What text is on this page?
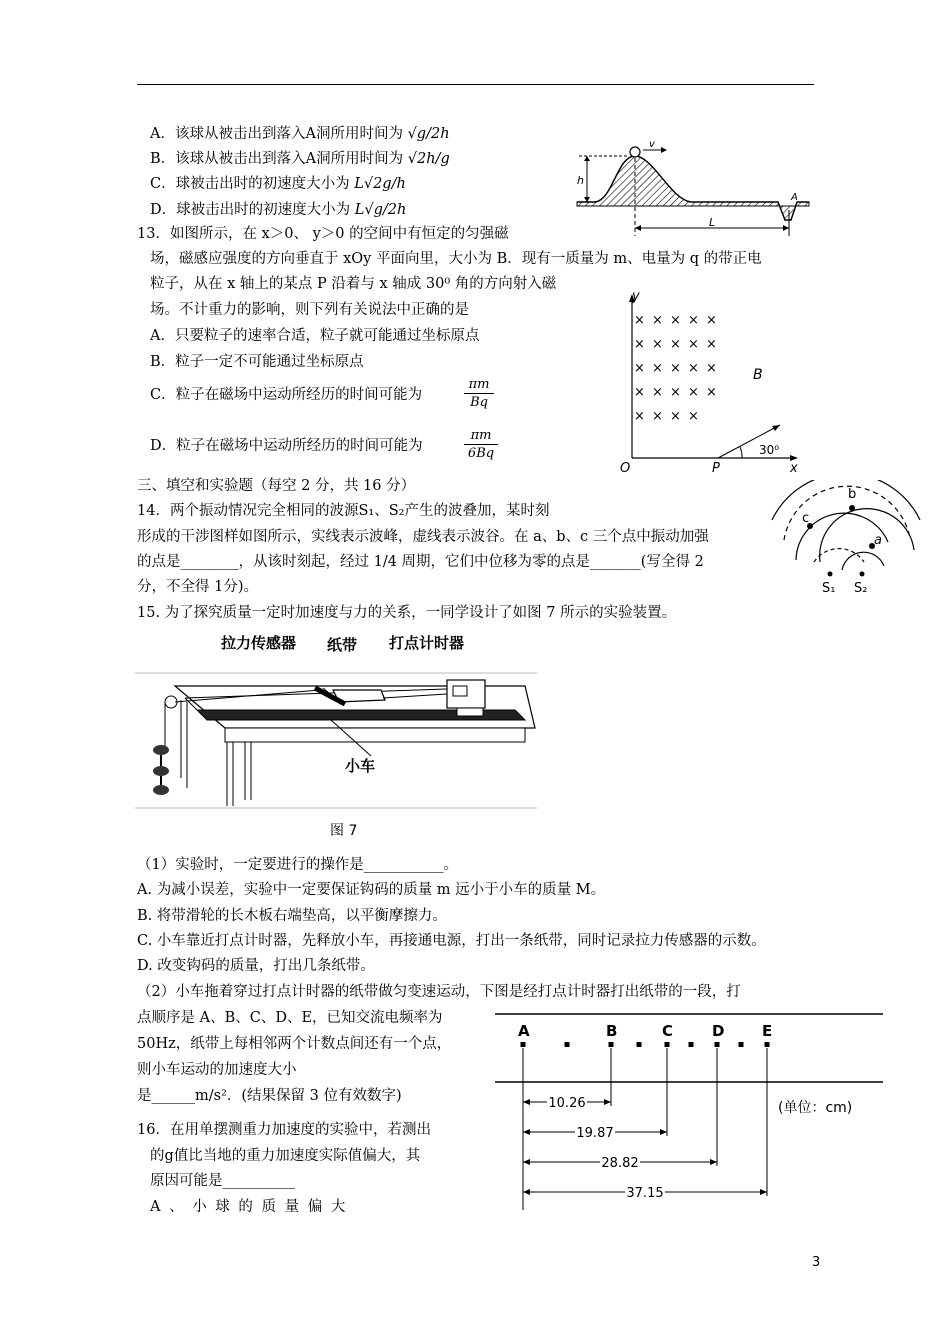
A．该球从被击出到落入A洞所用时间为 √g/2h
B．该球从被击出到落入A洞所用时间为 √2h/g
C．球被击出时的初速度大小为 L√2g/h
D．球被击出时的初速度大小为 L√g/2h
v
h
L
A
13．如图所示，在 x＞0、 y＞0 的空间中有恒定的匀强磁
场，磁感应强度的方向垂直于 xOy 平面向里，大小为 B．现有一质量为 m、电量为 q 的带正电
粒子，从在 x 轴上的某点 P 沿着与 x 轴成 30⁰ 角的方向射入磁
场。不计重力的影响，则下列有关说法中正确的是
A．只要粒子的速率合适，粒子就可能通过坐标原点
B．粒子一定不可能通过坐标原点
C．粒子在磁场中运动所经历的时间可能为	$\frac{\pi m}{Bq}$
D．粒子在磁场中运动所经历的时间可能为	$\frac{\pi m}{6Bq}$
y
x
O	P
B
30⁰
× × × × ×
× × × × ×
× × × × ×
× × × × ×
× × × ×
三、填空和实验题（每空 2 分，共 16 分）
14．两个振动情况完全相同的波源S₁、S₂产生的波叠加，某时刻
形成的干涉图样如图所示，实线表示波峰，虚线表示波谷。在 a、b、c 三个点中振动加强
的点是________，从该时刻起，经过 1/4 周期，它们中位移为零的点是_______(写全得 2
分，不全得 1分)。
b
c
a
S₁ S₂
15. 为了探究质量一定时加速度与力的关系，一同学设计了如图 7 所示的实验装置。
拉力传感器 纸带 打点计时器
小车
图 7
（1）实验时，一定要进行的操作是___________。
A. 为减小误差，实验中一定要保证钩码的质量 m 远小于小车的质量 M。
B. 将带滑轮的长木板右端垫高，以平衡摩擦力。
C. 小车靠近打点计时器，先释放小车，再接通电源，打出一条纸带，同时记录拉力传感器的示数。
D. 改变钩码的质量，打出几条纸带。
（2）小车拖着穿过打点计时器的纸带做匀变速运动，下图是经打点计时器打出纸带的一段，打
点顺序是 A、B、C、D、E，已知交流电频率为
50Hz，纸带上每相邻两个计数点间还有一个点，
则小车运动的加速度大小
是______m/s²．(结果保留 3 位有效数字)
A	B	C	D	E
10.26
19.87
28.82
37.15
(单位：cm)
16．在用单摆测重力加速度的实验中，若测出
的g值比当地的重力加速度实际值偏大，其
原因可能是__________
A 、 小 球 的 质 量 偏 大
3
